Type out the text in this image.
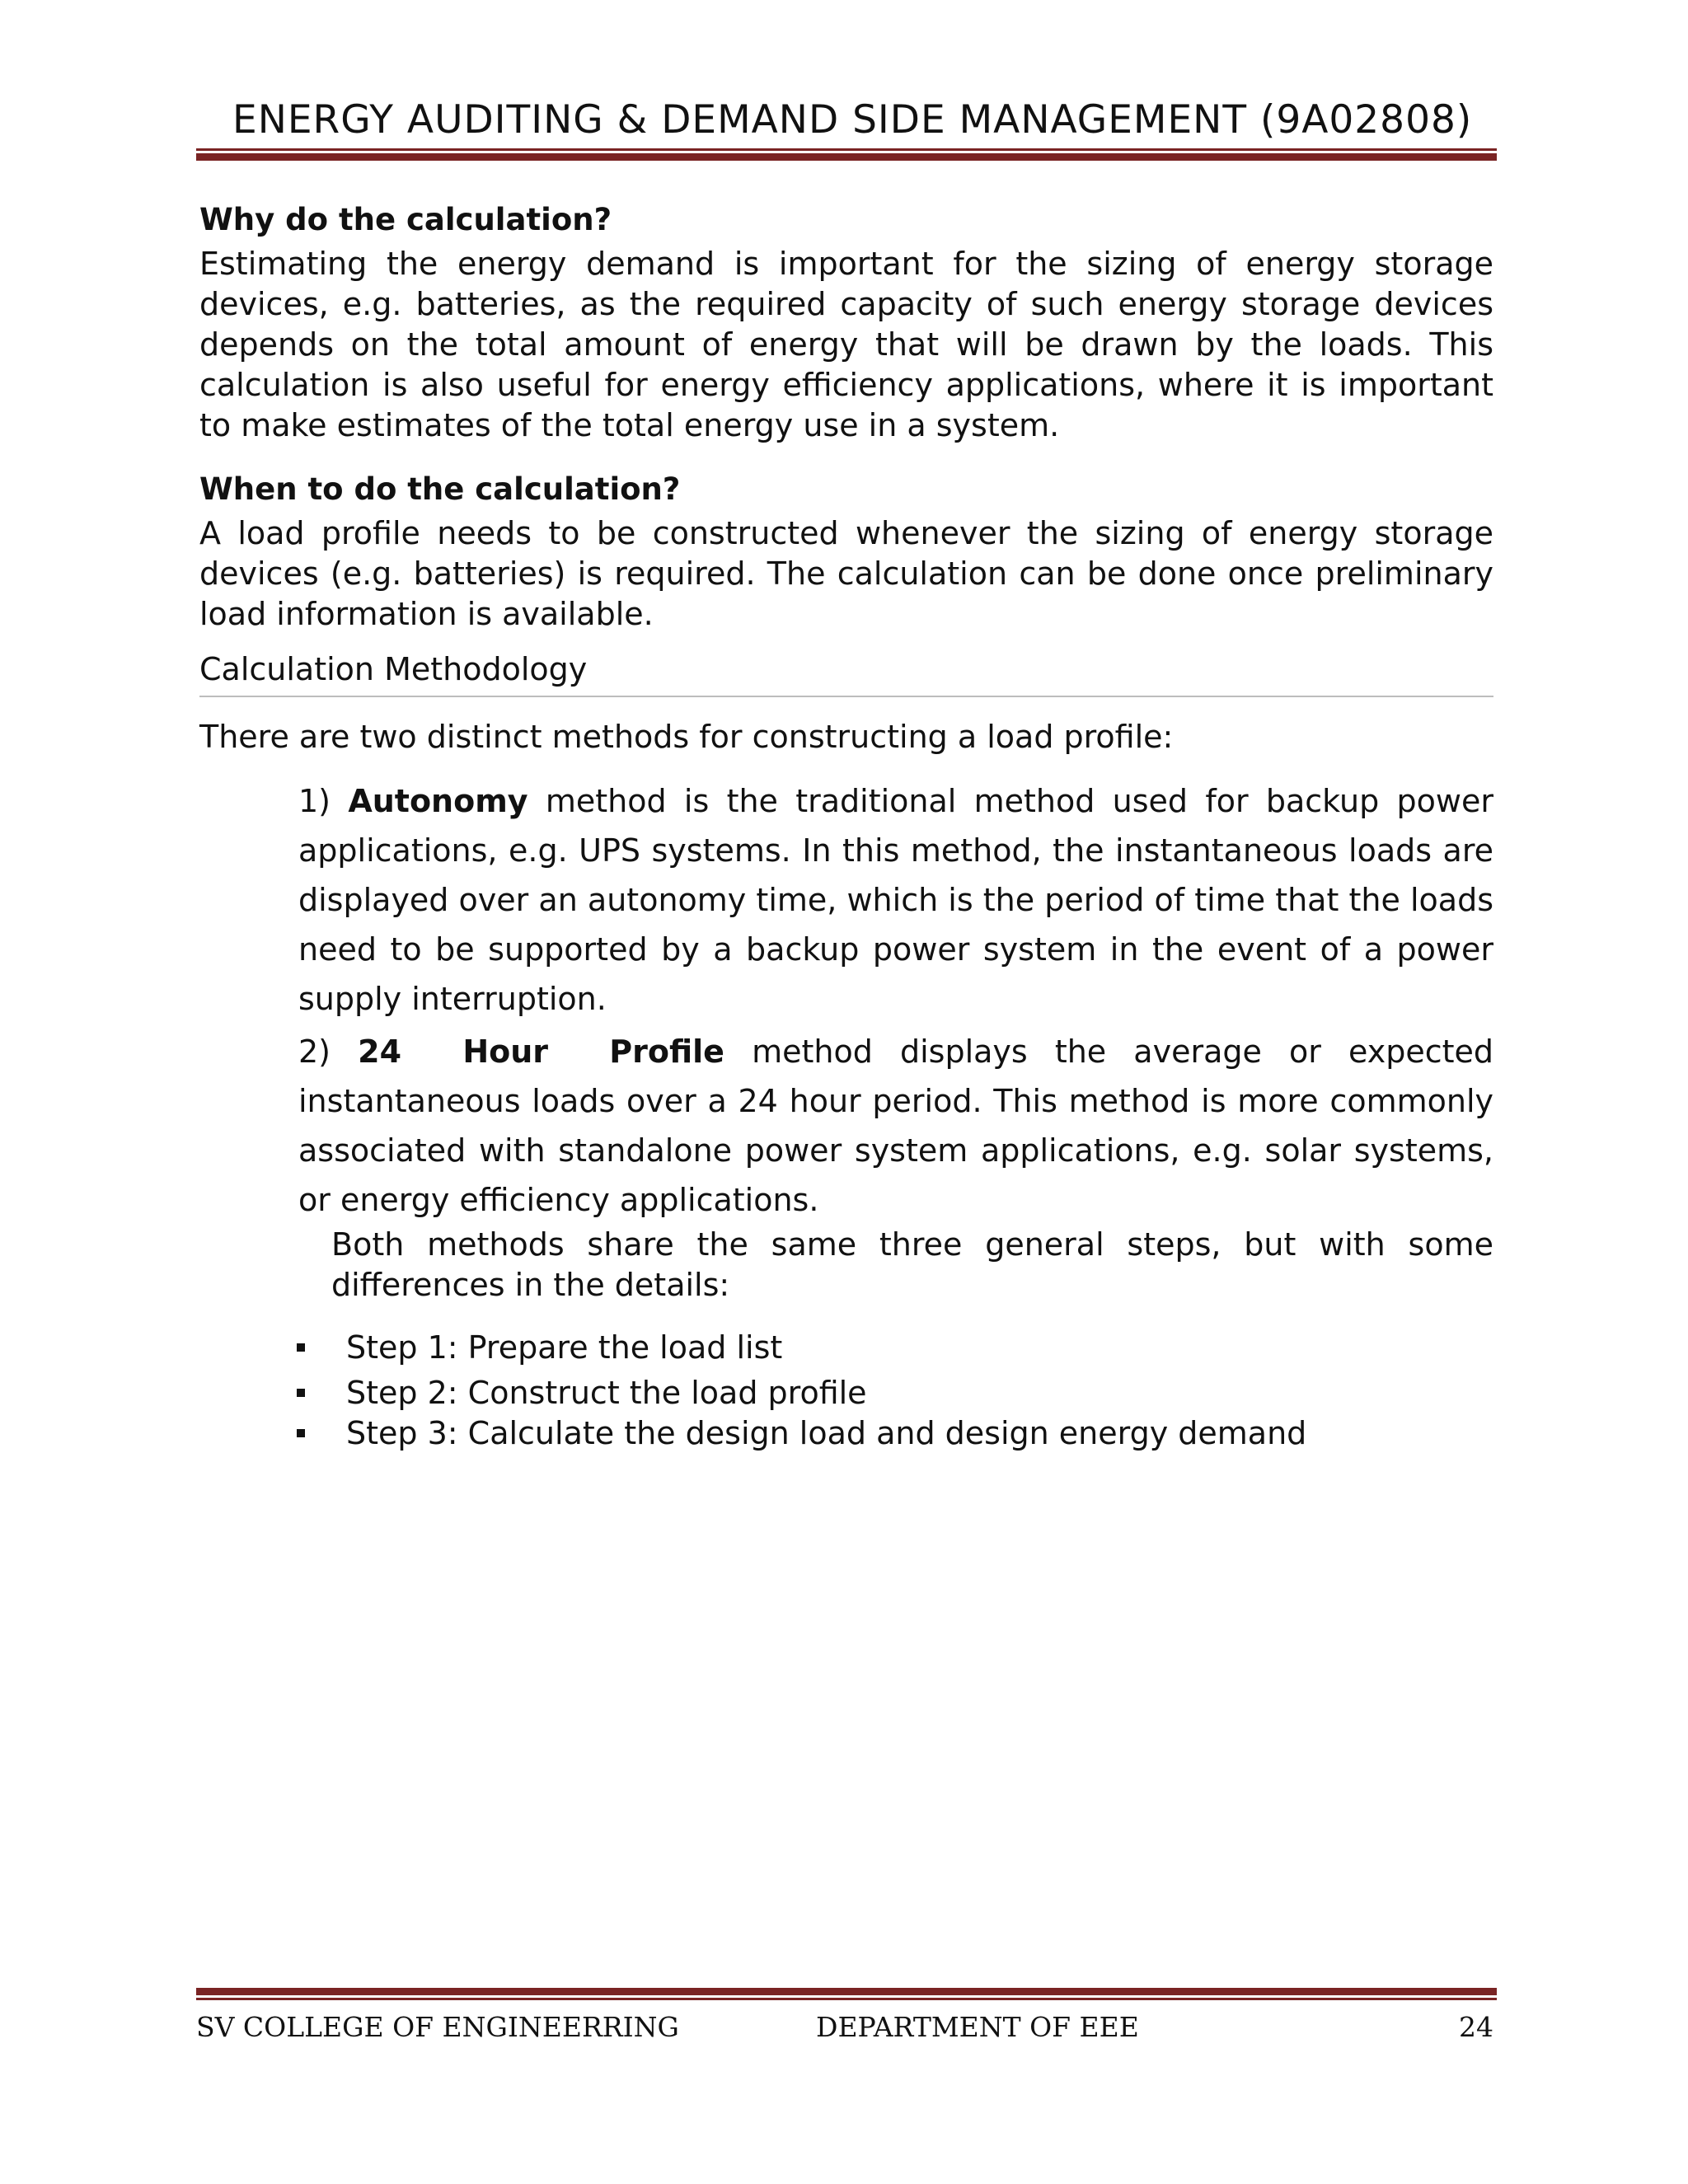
ENERGY AUDITING & DEMAND SIDE MANAGEMENT (9A02808)
Why do the calculation?

Estimating the energy demand is important for the sizing of energy storage devices, e.g. batteries, as the required capacity of such energy storage devices depends on the total amount of energy that will be drawn by the loads. This calculation is also useful for energy efficiency applications, where it is important to make estimates of the total energy use in a system.

When to do the calculation?

A load profile needs to be constructed whenever the sizing of energy storage devices (e.g. batteries) is required. The calculation can be done once preliminary load information is available.

Calculation Methodology

There are two distinct methods for constructing a load profile:

1) Autonomy method is the traditional method used for backup power applications, e.g. UPS systems. In this method, the instantaneous loads are displayed over an autonomy time, which is the period of time that the loads need to be supported by a backup power system in the event of a power supply interruption.

2) 24 Hour Profile method displays the average or expected instantaneous loads over a 24 hour period. This method is more commonly associated with standalone power system applications, e.g. solar systems, or energy efficiency applications.

Both methods share the same three general steps, but with some differences in the details:

Step 1: Prepare the load list
Step 2: Construct the load profile
Step 3: Calculate the design load and design energy demand
SV COLLEGE OF ENGINEERRING	DEPARTMENT OF EEE	24
